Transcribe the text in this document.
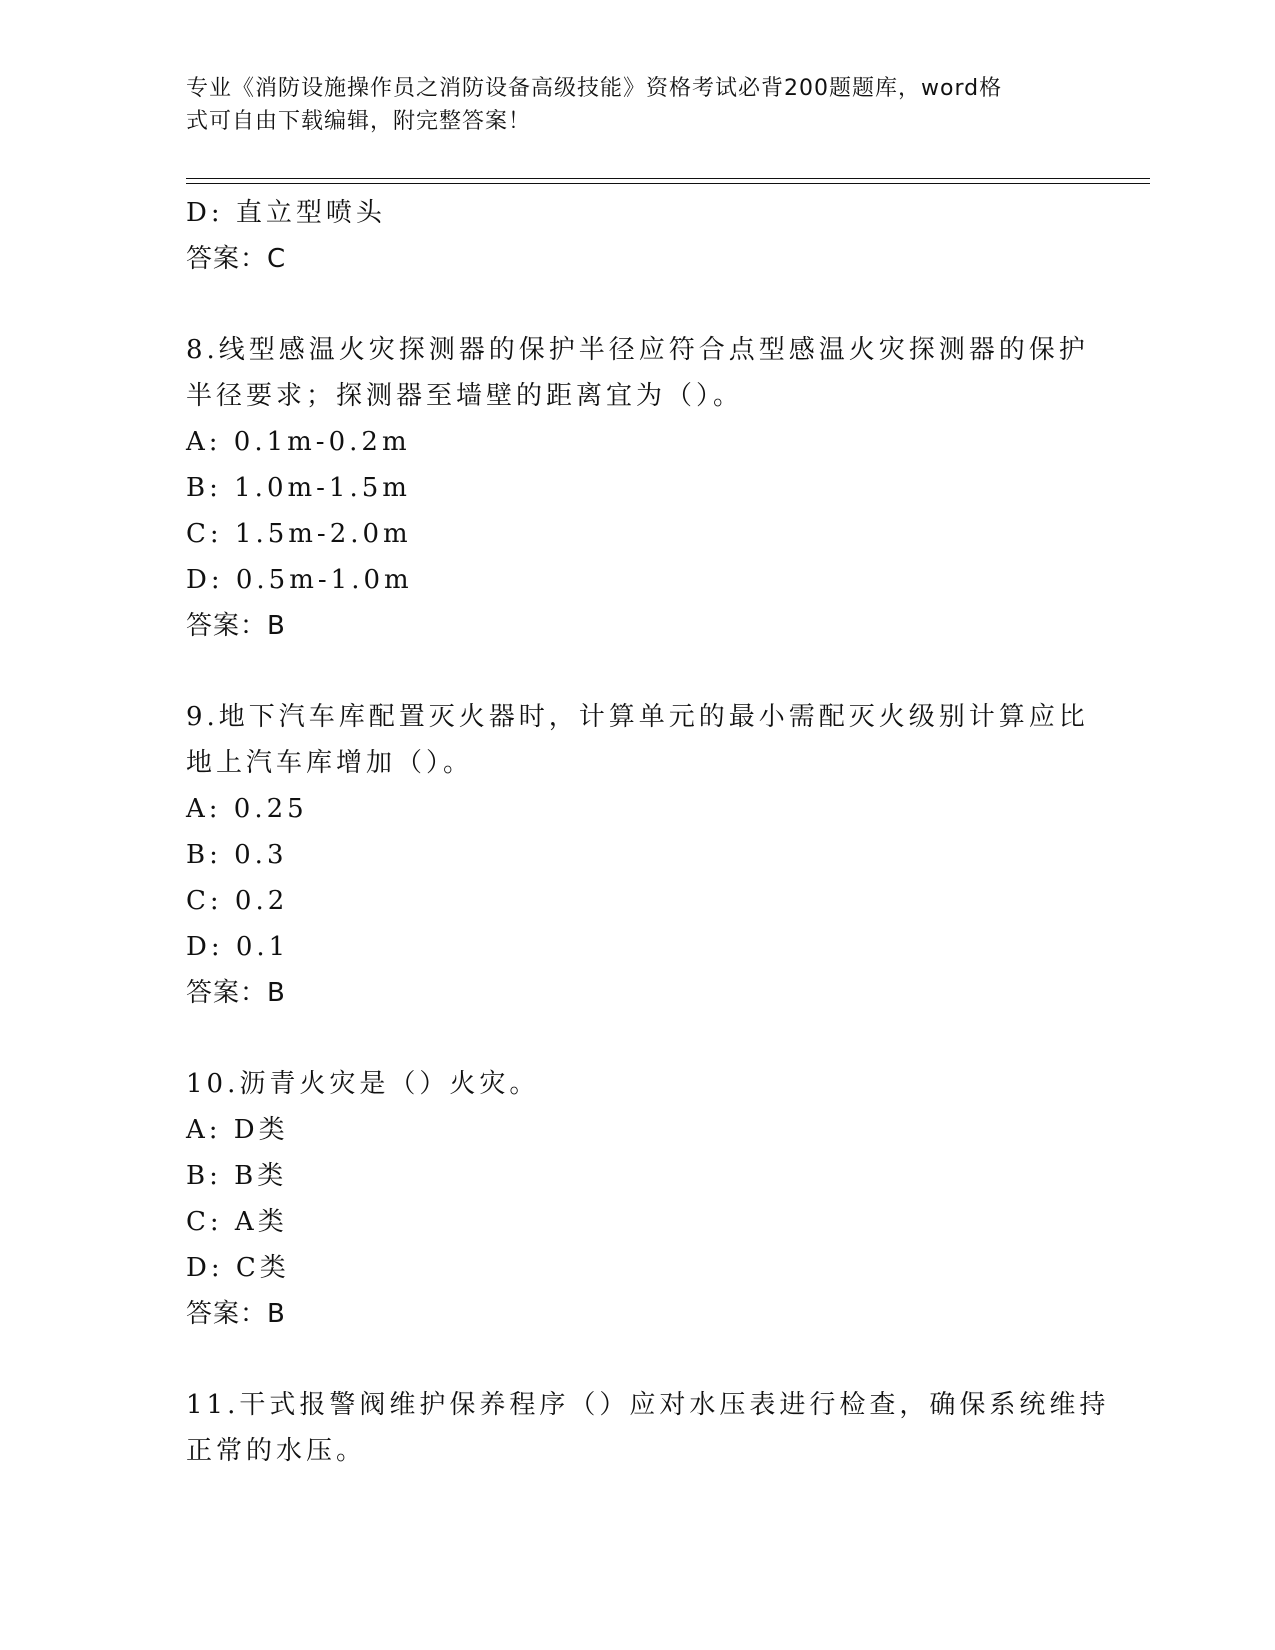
专业《消防设施操作员之消防设备高级技能》资格考试必背200题题库，word格
式可自由下载编辑，附完整答案！
D: 直立型喷头
答案：C
8.线型感温火灾探测器的保护半径应符合点型感温火灾探测器的保护
半径要求；探测器至墙壁的距离宜为（）。
A: 0.1m-0.2m
B: 1.0m-1.5m
C: 1.5m-2.0m
D: 0.5m-1.0m
答案：B
9.地下汽车库配置灭火器时，计算单元的最小需配灭火级别计算应比
地上汽车库增加（）。
A: 0.25
B: 0.3
C: 0.2
D: 0.1
答案：B
10.沥青火灾是（）火灾。
A: D类
B: B类
C: A类
D: C类
答案：B
11.干式报警阀维护保养程序（）应对水压表进行检查，确保系统维持
正常的水压。
